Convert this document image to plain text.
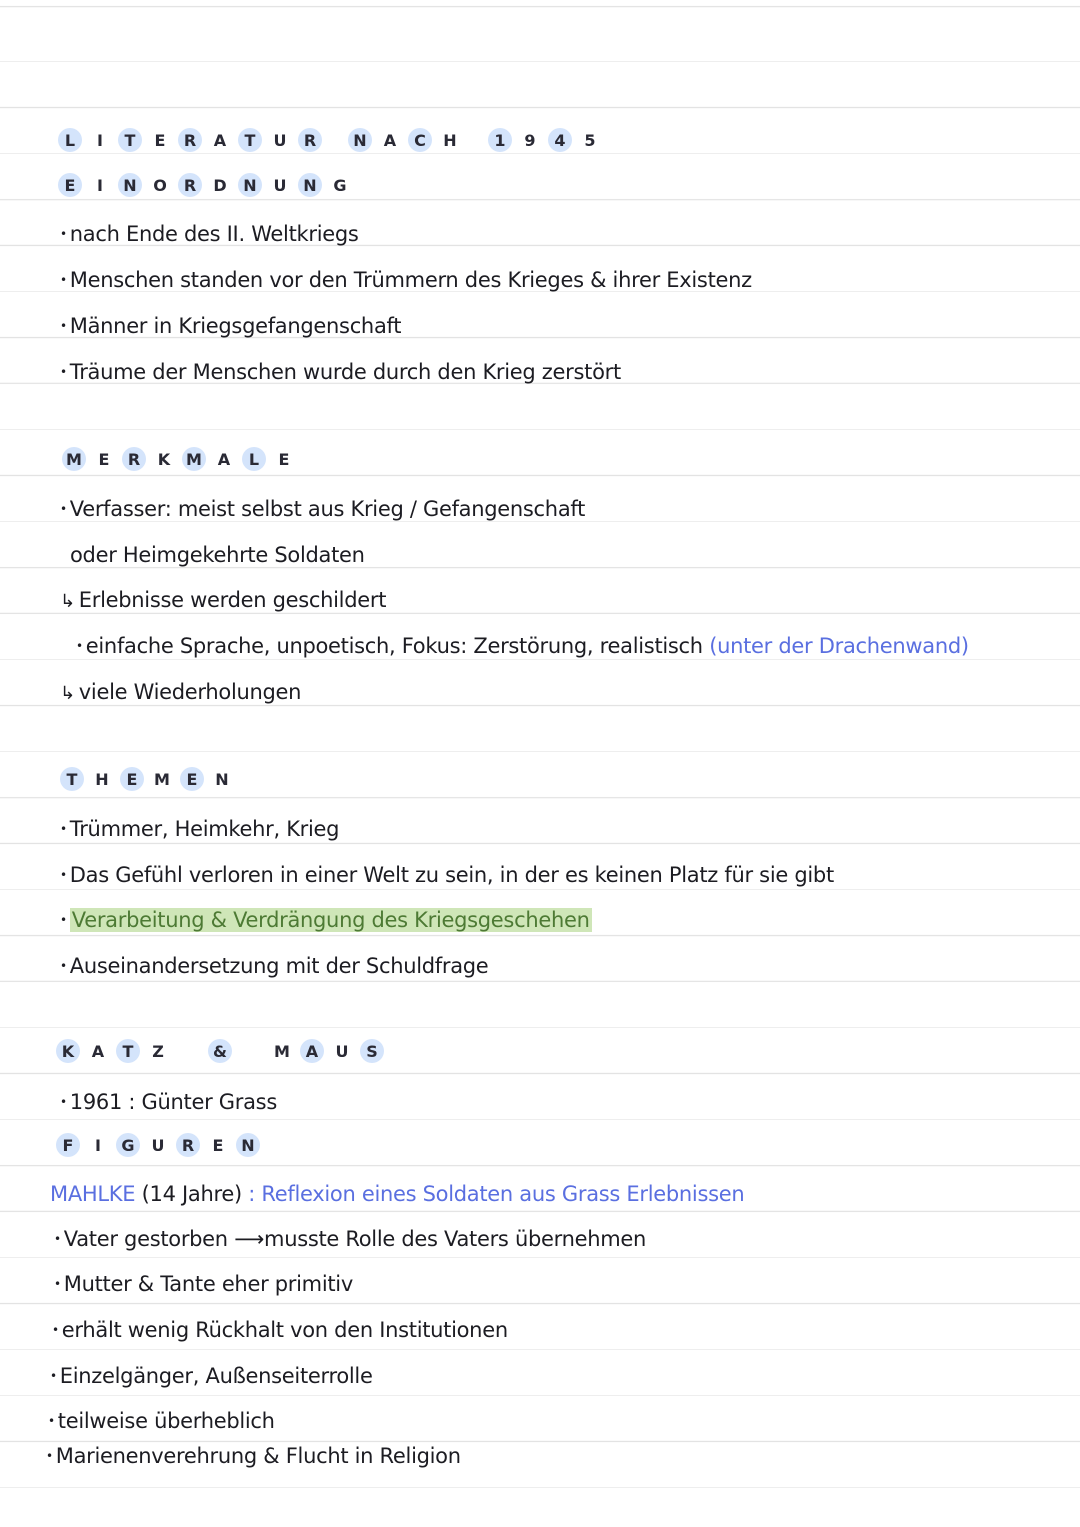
L	I	T	E	R	A	T	U	R	N	A	C	H	1	9	4	5
E	I	N	O	R	D	N	U	N	G
• nach Ende des II. Weltkriegs
• Menschen standen vor den Trümmern des Krieges & ihrer Existenz
• Männer in Kriegsgefangenschaft
• Träume der Menschen wurde durch den Krieg zerstört
M	E	R	K M A	L	E
• Verfasser: meist selbst aus Krieg / Gefangenschaft
oder Heimgekehrte Soldaten
↳ Erlebnisse werden geschildert
• einfache Sprache, unpoetisch, Fokus: Zerstörung, realistisch (unter der Drachenwand)
↳ viele Wiederholungen
T	H	E	M	E	N
• Trümmer, Heimkehr, Krieg
• Das Gefühl verloren in einer Welt zu sein, in der es keinen Platz für sie gibt
• Verarbeitung & Verdrängung des Kriegsgeschehen
• Auseinandersetzung mit der Schuldfrage
K	A	T	Z	&	M A	U	S
• 1961 : Günter Grass
F	I	G	U	R	E	N
MAHLKE (14 Jahre) : Reflexion eines Soldaten aus Grass Erlebnissen
• Vater gestorben ⟶musste Rolle des Vaters übernehmen
• Mutter & Tante eher primitiv
• erhält wenig Rückhalt von den Institutionen
• Einzelgänger, Außenseiterrolle
• teilweise überheblich
• Marienenverehrung & Flucht in Religion
